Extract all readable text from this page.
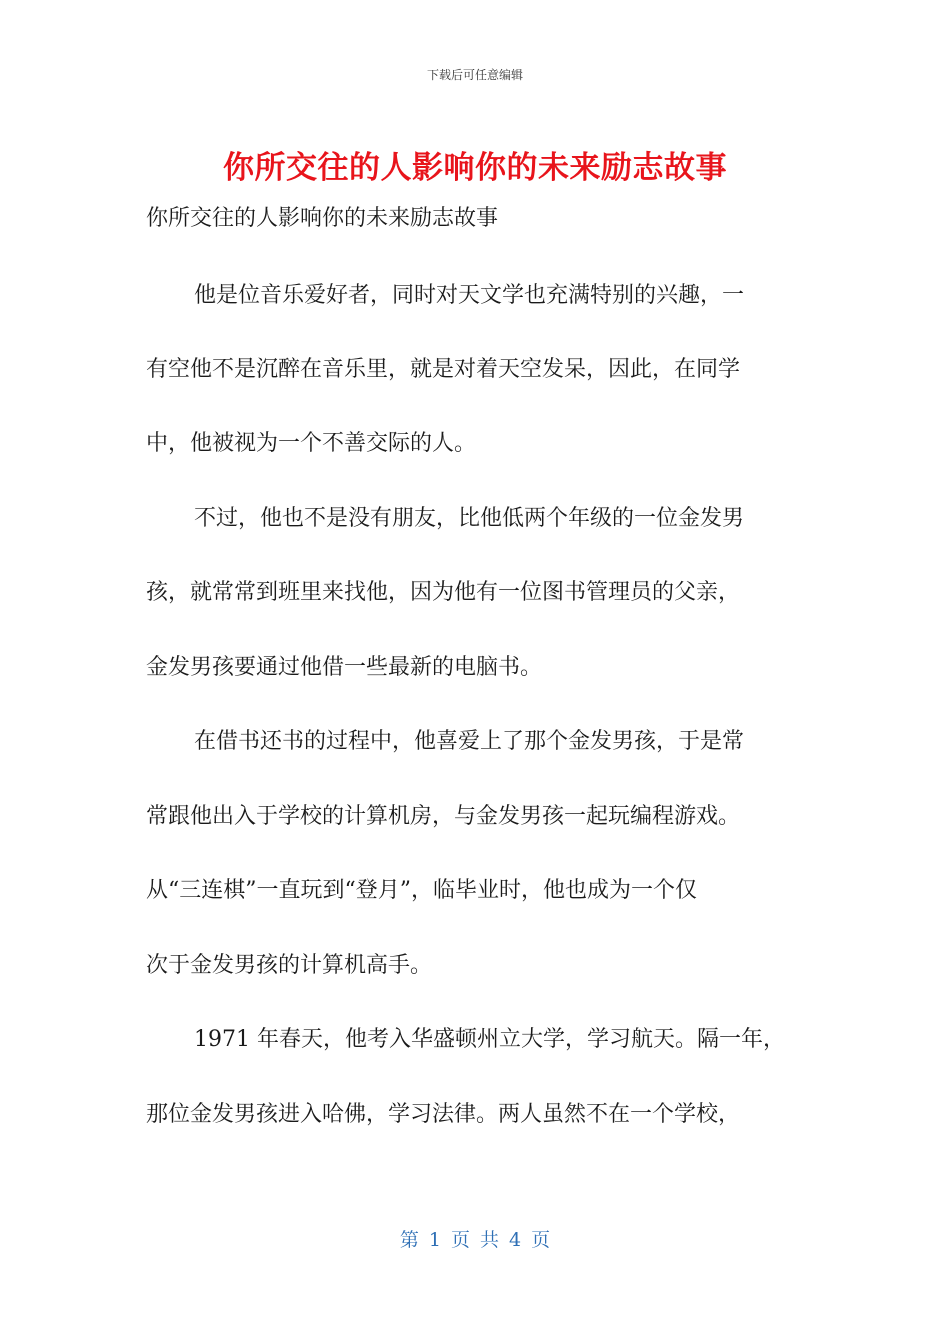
下载后可任意编辑
你所交往的人影响你的未来励志故事
你所交往的人影响你的未来励志故事
他是位音乐爱好者，同时对天文学也充满特别的兴趣，一
有空他不是沉醉在音乐里，就是对着天空发呆，因此，在同学
中，他被视为一个不善交际的人。
不过，他也不是没有朋友，比他低两个年级的一位金发男
孩，就常常到班里来找他，因为他有一位图书管理员的父亲，
金发男孩要通过他借一些最新的电脑书。
在借书还书的过程中，他喜爱上了那个金发男孩，于是常
常跟他出入于学校的计算机房，与金发男孩一起玩编程游戏。
从“三连棋”一直玩到“登月”，临毕业时，他也成为一个仅
次于金发男孩的计算机高手。
1971 年春天，他考入华盛顿州立大学，学习航天。隔一年，
那位金发男孩进入哈佛，学习法律。两人虽然不在一个学校，
第 1 页 共 4 页
